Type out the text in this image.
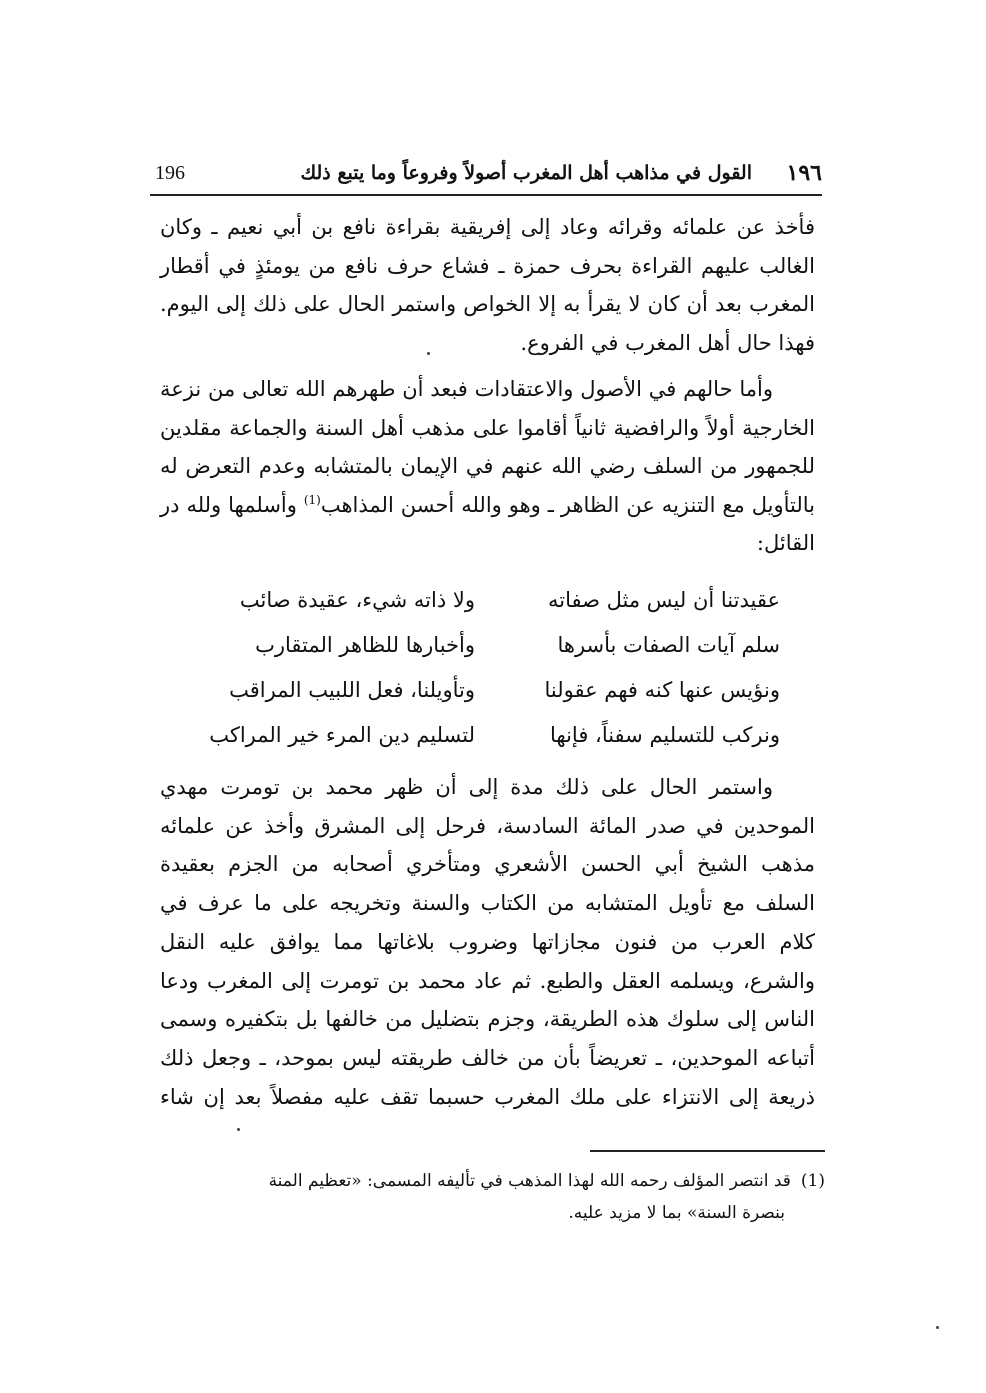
١٩٦
القول في مذاهب أهل المغرب أصولاً وفروعاً وما يتبع ذلك
196

فأخذ عن علمائه وقرائه وعاد إلى إفريقية بقراءة نافع بن أبي نعيم ـ وكان الغالب عليهم القراءة بحرف حمزة ـ فشاع حرف نافع من يومئذٍ في أقطار المغرب بعد أن كان لا يقرأ به إلا الخواص واستمر الحال على ذلك إلى اليوم. فهذا حال أهل المغرب في الفروع.

وأما حالهم في الأصول والاعتقادات فبعد أن طهرهم الله تعالى من نزعة الخارجية أولاً والرافضية ثانياً أقاموا على مذهب أهل السنة والجماعة مقلدين للجمهور من السلف رضي الله عنهم في الإيمان بالمتشابه وعدم التعرض له بالتأويل مع التنزيه عن الظاهر ـ وهو والله أحسن المذاهب$^{(1)}$ وأسلمها ولله در القائل:

عقيدتنا أن ليس مثل صفاته
ولا ذاته شيء، عقيدة صائب
سلم آيات الصفات بأسرها
وأخبارها للظاهر المتقارب
ونؤيس عنها كنه فهم عقولنا
وتأويلنا، فعل اللبيب المراقب
ونركب للتسليم سفناً، فإنها
لتسليم دين المرء خير المراكب

واستمر الحال على ذلك مدة إلى أن ظهر محمد بن تومرت مهدي الموحدين في صدر المائة السادسة، فرحل إلى المشرق وأخذ عن علمائه مذهب الشيخ أبي الحسن الأشعري ومتأخري أصحابه من الجزم بعقيدة السلف مع تأويل المتشابه من الكتاب والسنة وتخريجه على ما عرف في كلام العرب من فنون مجازاتها وضروب بلاغاتها مما يوافق عليه النقل والشرع، ويسلمه العقل والطبع. ثم عاد محمد بن تومرت إلى المغرب ودعا الناس إلى سلوك هذه الطريقة، وجزم بتضليل من خالفها بل بتكفيره وسمى أتباعه الموحدين، ـ تعريضاً بأن من خالف طريقته ليس بموحد، ـ وجعل ذلك ذريعة إلى الانتزاء على ملك المغرب حسبما تقف عليه مفصلاً بعد إن شاء

(1)قد انتصر المؤلف رحمه الله لهذا المذهب في تأليفه المسمى: «تعظيم المنة
بنصرة السنة» بما لا مزيد عليه.
